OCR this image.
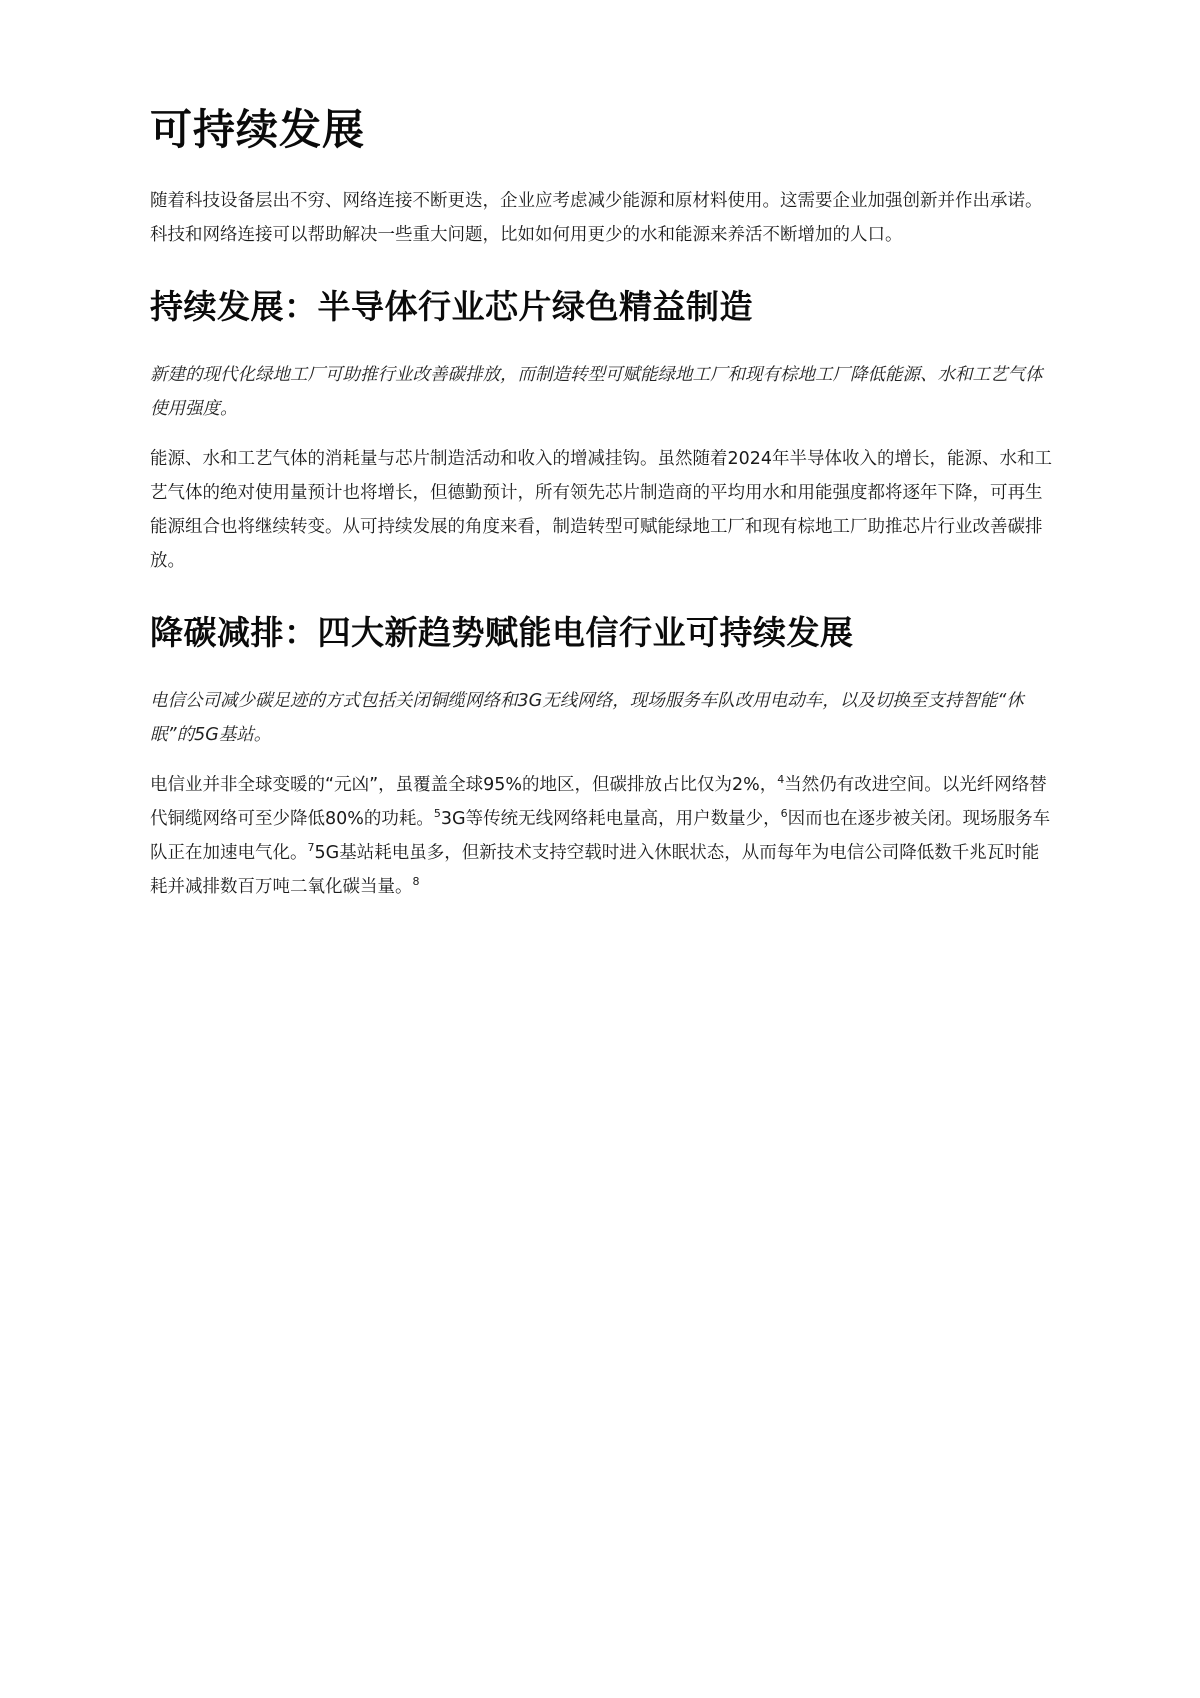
可持续发展

随着科技设备层出不穷、网络连接不断更迭，企业应考虑减少能源和原材料使用。这需要企业加强创新并作出承诺。科技和网络连接可以帮助解决一些重大问题，比如如何用更少的水和能源来养活不断增加的人口。

持续发展：半导体行业芯片绿色精益制造

新建的现代化绿地工厂可助推行业改善碳排放，而制造转型可赋能绿地工厂和现有棕地工厂降低能源、水和工艺气体使用强度。

能源、水和工艺气体的消耗量与芯片制造活动和收入的增减挂钩。虽然随着2024年半导体收入的增长，能源、水和工艺气体的绝对使用量预计也将增长，但德勤预计，所有领先芯片制造商的平均用水和用能强度都将逐年下降，可再生能源组合也将继续转变。从可持续发展的角度来看，制造转型可赋能绿地工厂和现有棕地工厂助推芯片行业改善碳排放。

降碳减排：四大新趋势赋能电信行业可持续发展

电信公司减少碳足迹的方式包括关闭铜缆网络和3G无线网络，现场服务车队改用电动车，以及切换至支持智能“休眠”的5G基站。

电信业并非全球变暖的“元凶”，虽覆盖全球95%的地区，但碳排放占比仅为2%，$^4$当然仍有改进空间。以光纤网络替代铜缆网络可至少降低80%的功耗。$^5$3G等传统无线网络耗电量高，用户数量少，$^6$因而也在逐步被关闭。现场服务车队正在加速电气化。$^7$5G基站耗电虽多，但新技术支持空载时进入休眠状态，从而每年为电信公司降低数千兆瓦时能耗并减排数百万吨二氧化碳当量。$^8$
